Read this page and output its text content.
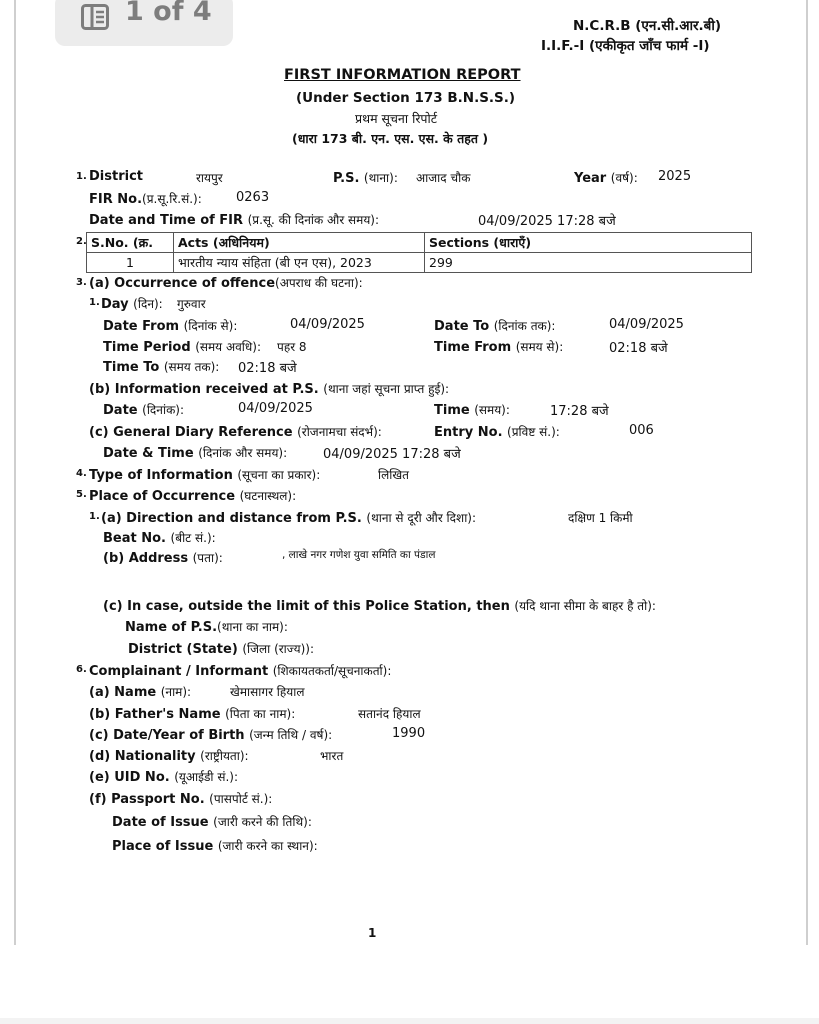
1 of 4	N.C.R.B (एन.सी.आर.बी)
I.I.F.-I (एकीकृत जाँच फार्म -I)
FIRST INFORMATION REPORT
(Under Section 173 B.N.S.S.)
प्रथम सूचना रिपोर्ट
(धारा 173 बी. एन. एस. एस. के तहत )
1. District	रायपुर	P.S. (थाना): आजाद चौक	Year (वर्ष): 2025
FIR No.(प्र.सू.रि.सं.):	0263
Date and Time of FIR (प्र.सू. की दिनांक और समय):	04/09/2025 17:28 बजे
2. S.No. (क्र.	Acts (अधिनियम)	Sections (धाराएँ)
1	भारतीय न्याय संहिता (बी एन एस), 2023	299
3. (a) Occurrence of offence(अपराध की घटना):
1. Day (दिन): गुरुवार
Date From (दिनांक से):	04/09/2025	Date To (दिनांक तक):	04/09/2025
Time Period (समय अवधि): पहर 8	Time From (समय से):	02:18 बजे
Time To (समय तक): 02:18 बजे
(b) Information received at P.S. (थाना जहां सूचना प्राप्त हुई):
Date (दिनांक):	04/09/2025	Time (समय):	17:28 बजे
(c) General Diary Reference (रोजनामचा संदर्भ):	Entry No. (प्रविष्ट सं.):	006
Date & Time (दिनांक और समय):	04/09/2025 17:28 बजे
4. Type of Information (सूचना का प्रकार):	लिखित
5. Place of Occurrence (घटनास्थल):
1. (a) Direction and distance from P.S. (थाना से दूरी और दिशा):	दक्षिण 1 किमी
Beat No. (बीट सं.):
(b) Address (पता):	, लाखे नगर गणेश युवा समिति का पंडाल
(c) In case, outside the limit of this Police Station, then (यदि थाना सीमा के बाहर है तो):
Name of P.S.(थाना का नाम):
District (State) (जिला (राज्य)):
6. Complainant / Informant (शिकायतकर्ता/सूचनाकर्ता):
(a) Name (नाम):	खेमासागर हियाल
(b) Father's Name (पिता का नाम):	सतानंद हियाल
(c) Date/Year of Birth (जन्म तिथि / वर्ष):	1990
(d) Nationality (राष्ट्रीयता):	भारत
(e) UID No. (यूआईडी सं.):
(f) Passport No. (पासपोर्ट सं.):
Date of Issue (जारी करने की तिथि):
Place of Issue (जारी करने का स्थान):
1
